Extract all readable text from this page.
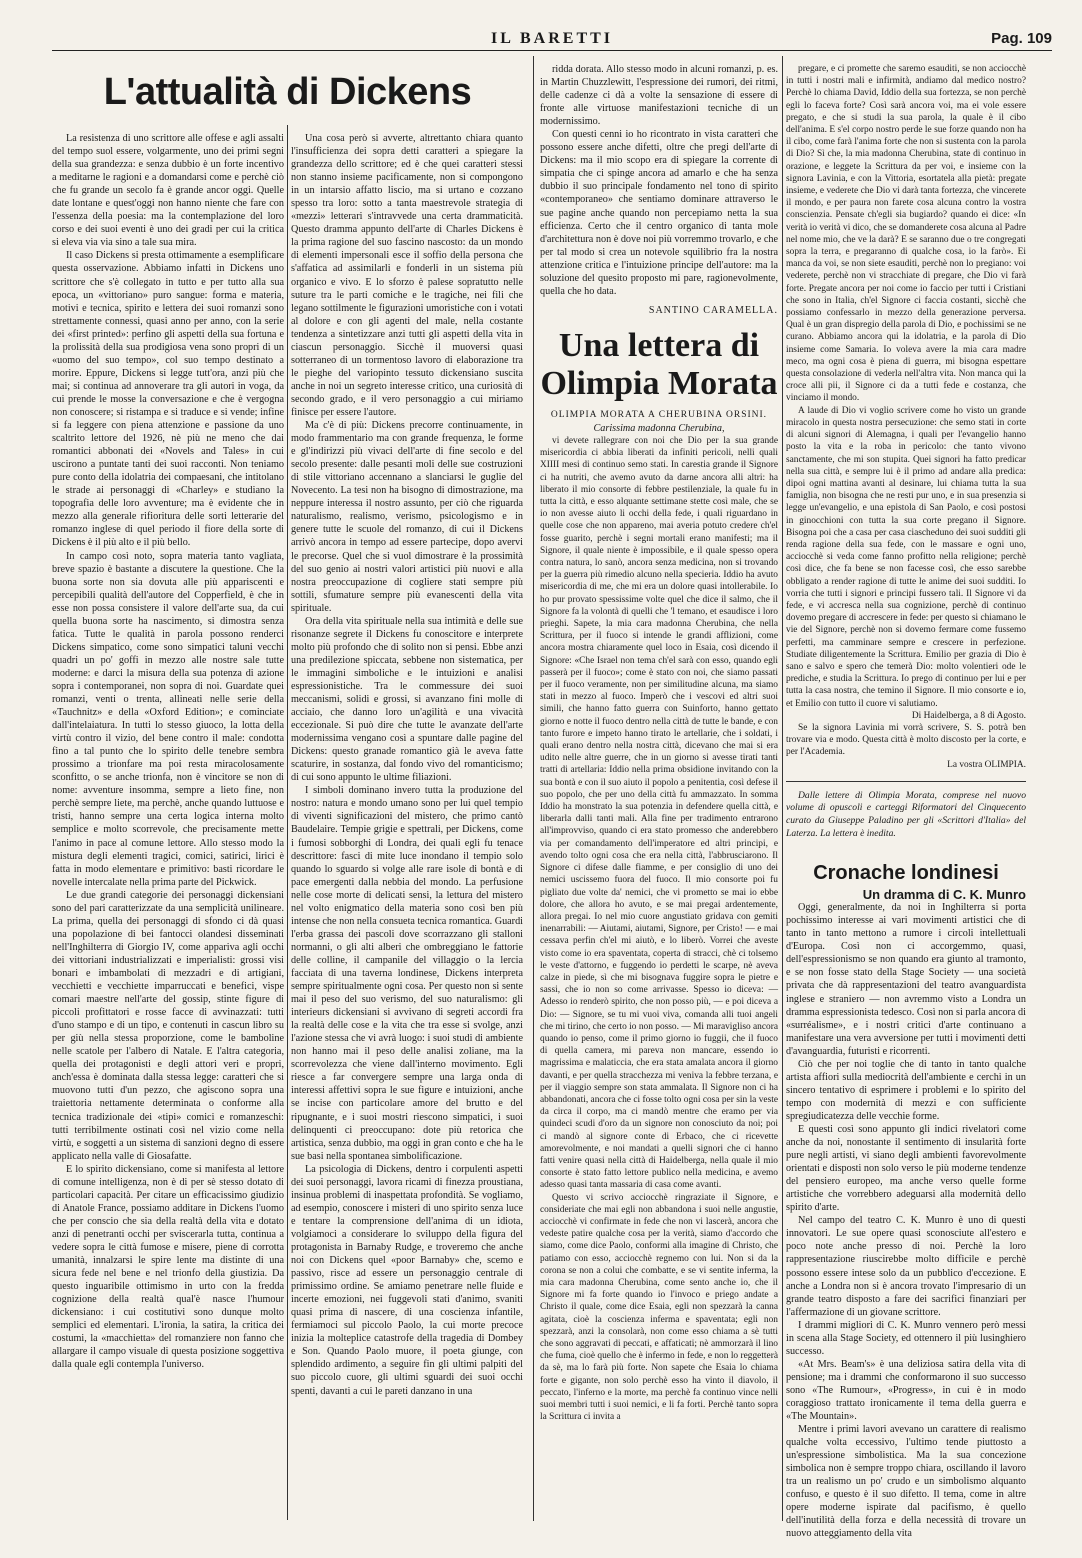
IL BARETTI	Pag. 109
L'attualità di Dickens

La resistenza di uno scrittore alle offese e agli assalti del tempo suol essere, volgarmente, uno dei primi segni della sua grandezza: e senza dubbio è un forte incentivo a meditarne le ragioni e a domandarsi come e perchè ciò che fu grande un secolo fa è grande ancor oggi. Quelle date lontane e quest'oggi non hanno niente che fare con l'essenza della poesia: ma la contemplazione del loro corso e dei suoi eventi è uno dei gradi per cui la critica si eleva via via sino a tale sua mira.

Il caso Dickens si presta ottimamente a esemplificare questa osservazione. Abbiamo infatti in Dickens uno scrittore che s'è collegato in tutto e per tutto alla sua epoca, un «vittoriano» puro sangue: forma e materia, motivi e tecnica, spirito e lettera dei suoi romanzi sono strettamente connessi, quasi anno per anno, con la serie dei «first printed»: perfino gli aspetti della sua fortuna e la prolissità della sua prodigiosa vena sono propri di un «uomo del suo tempo», col suo tempo destinato a morire. Eppure, Dickens si legge tutt'ora, anzi più che mai; si continua ad annoverare tra gli autori in voga, da cui prende le mosse la conversazione e che è vergogna non conoscere; si ristampa e si traduce e si vende; infine si fa leggere con piena attenzione e passione da uno scaltrito lettore del 1926, nè più ne meno che dai romantici abbonati dei «Novels and Tales» in cui uscirono a puntate tanti dei suoi racconti. Non teniamo pure conto della idolatria dei compaesani, che intitolano le strade ai personaggi di «Charley» e studiano la topografia delle loro avventure; ma è evidente che in mezzo alla generale rifioritura delle sorti letterarie del romanzo inglese di quel periodo il fiore della sorte di Dickens è il più alto e il più bello.

In campo così noto, sopra materia tanto vagliata, breve spazio è bastante a discutere la questione. Che la buona sorte non sia dovuta alle più appariscenti e percepibili qualità dell'autore del Copperfield, è che in esse non possa consistere il valore dell'arte sua, da cui quella buona sorte ha nascimento, si dimostra senza fatica. Tutte le qualità in parola possono renderci Dickens simpatico, come sono simpatici taluni vecchi quadri un po' goffi in mezzo alle nostre sale tutte moderne: e darci la misura della sua potenza di azione sopra i contemporanei, non sopra di noi. Guardate quei romanzi, venti o trenta, allineati nelle serie della «Tauchnitz» e della «Oxford Edition»; e cominciate dall'intelaiatura. In tutti lo stesso giuoco, la lotta della virtù contro il vizio, del bene contro il male: condotta fino a tal punto che lo spirito delle tenebre sembra prossimo a trionfare ma poi resta miracolosamente sconfitto, o se anche trionfa, non è vincitore se non di nome: avventure insomma, sempre a lieto fine, non perchè sempre liete, ma perchè, anche quando luttuose e tristi, hanno sempre una certa logica interna molto semplice e molto scorrevole, che precisamente mette l'animo in pace al comune lettore. Allo stesso modo la mistura degli elementi tragici, comici, satirici, lirici è fatta in modo elementare e primitivo: basti ricordare le novelle intercalate nella prima parte del Pickwick.

Le due grandi categorie dei personaggi dickensiani sono del pari caratterizzate da una semplicità unilineare. La prima, quella dei personaggi di sfondo ci dà quasi una popolazione di bei fantocci olandesi disseminati nell'Inghilterra di Giorgio IV, come appariva agli occhi dei vittoriani industrializzati e imperialisti: grossi visi bonari e imbambolati di mezzadri e di artigiani, vecchietti e vecchiette imparruccati e benefici, vispe comari maestre nell'arte del gossip, stinte figure di piccoli profittatori e rosse facce di avvinazzati: tutti d'uno stampo e di un tipo, e contenuti in cascun libro su per giù nella stessa proporzione, come le bamboline nelle scatole per l'albero di Natale. E l'altra categoria, quella dei protagonisti e degli attori veri e propri, anch'essa è dominata dalla stessa legge: caratteri che si muovono tutti d'un pezzo, che agiscono sopra una traiettoria nettamente determinata o conforme alla tecnica tradizionale dei «tipi» comici e romanzeschi: tutti terribilmente ostinati così nel vizio come nella virtù, e soggetti a un sistema di sanzioni degno di essere applicato nella valle di Giosafatte.

E lo spirito dickensiano, come si manifesta al lettore di comune intelligenza, non è di per sè stesso dotato di particolari capacità. Per citare un efficacissimo giudizio di Anatole France, possiamo additare in Dickens l'uomo che per conscio che sia della realtà della vita e dotato anzi di penetranti occhi per sviscerarla tutta, continua a vedere sopra le città fumose e misere, piene di corrotta umanità, innalzarsi le spire lente ma distinte di una sicura fede nel bene e nel trionfo della giustizia. Da questo inguaribile ottimismo in urto con la fredda cognizione della realtà qual'è nasce l'humour dickensiano: i cui costitutivi sono dunque molto semplici ed elementari. L'ironia, la satira, la critica dei costumi, la «macchietta» del romanziere non fanno che allargare il campo visuale di questa posizione soggettiva dalla quale egli contempla l'universo.

Una cosa però si avverte, altrettanto chiara quanto l'insufficienza dei sopra detti caratteri a spiegare la grandezza dello scrittore; ed è che quei caratteri stessi non stanno insieme pacificamente, non si compongono in un intarsio affatto liscio, ma si urtano e cozzano spesso tra loro: sotto a tanta maestrevole strategia di «mezzi» letterari s'intravvede una certa drammaticità. Questo dramma appunto dell'arte di Charles Dickens è la prima ragione del suo fascino nascosto: da un mondo di elementi impersonali esce il soffio della persona che s'affatica ad assimilarli e fonderli in un sistema più organico e vivo. E lo sforzo è palese sopratutto nelle suture tra le parti comiche e le tragiche, nei fili che legano sottilmente le figurazioni umoristiche con i votati al dolore e con gli agenti del male, nella costante tendenza a sintetizzare anzi tutti gli aspetti della vita in ciascun personaggio. Sicchè il muoversi quasi sotterraneo di un tormentoso lavoro di elaborazione tra le pieghe del variopinto tessuto dickensiano suscita anche in noi un segreto interesse critico, una curiosità di secondo grado, e il vero personaggio a cui miriamo finisce per essere l'autore.

Ma c'è di più: Dickens precorre continuamente, in modo frammentario ma con grande frequenza, le forme e gl'indirizzi più vivaci dell'arte di fine secolo e del secolo presente: dalle pesanti moli delle sue costruzioni di stile vittoriano accennano a slanciarsi le guglie del Novecento. La tesi non ha bisogno di dimostrazione, ma neppure interessa il nostro assunto, per ciò che riguarda naturalismo, realismo, verismo, psicologismo e in genere tutte le scuole del romanzo, di cui il Dickens arrivò ancora in tempo ad essere partecipe, dopo avervi le precorse. Quel che si vuol dimostrare è la prossimità del suo genio ai nostri valori artistici più nuovi e alla nostra preoccupazione di cogliere stati sempre più sottili, sfumature sempre più evanescenti della vita spirituale.

Ora della vita spirituale nella sua intimità e delle sue risonanze segrete il Dickens fu conoscitore e interprete molto più profondo che di solito non si pensi. Ebbe anzi una predilezione spiccata, sebbene non sistematica, per le immagini simboliche e le intuizioni e analisi espressionistiche. Tra le commessure dei suoi meccanismi, solidi e grossi, si avanzano fini molle di acciaio, che danno loro un'agilità e una vivacità eccezionale. Si può dire che tutte le avanzate dell'arte modernissima vengano così a spuntare dalle pagine del Dickens: questo granade romantico già le aveva fatte scaturire, in sostanza, dal fondo vivo del romanticismo; di cui sono appunto le ultime filiazioni.

I simboli dominano invero tutta la produzione del nostro: natura e mondo umano sono per lui quel tempio di viventi significazioni del mistero, che primo cantò Baudelaire. Tempie grigie e spettrali, per Dickens, come i fumosi sobborghi di Londra, dei quali egli fu tenace descrittore: fasci di mite luce inondano il tempio solo quando lo sguardo si volge alle rare isole di bontà e di pace emergenti dalla nebbia del mondo. La perfusione nelle cose morte di delicati sensi, la lettura del mistero nel volto enigmatico della materia sono così ben più intense che non nella consueta tecnica romantica. Guardi l'erba grassa dei pascoli dove scorrazzano gli stalloni normanni, o gli alti alberi che ombreggiano le fattorie delle colline, il campanile del villaggio o la lercia facciata di una taverna londinese, Dickens interpreta sempre spiritualmente ogni cosa. Per questo non si sente mai il peso del suo verismo, del suo naturalismo: gli interieurs dickensiani si avvivano di segreti accordi fra la realtà delle cose e la vita che tra esse si svolge, anzi l'azione stessa che vi avrà luogo: i suoi studi di ambiente non hanno mai il peso delle analisi zoliane, ma la scorrevolezza che viene dall'interno movimento. Egli riesce a far convergere sempre una larga onda di interessi affettivi sopra le sue figure e intuizioni, anche se incise con particolare amore del brutto e del ripugnante, e i suoi mostri riescono simpatici, i suoi delinquenti ci preoccupano: dote più retorica che artistica, senza dubbio, ma oggi in gran conto e che ha le sue basi nella spontanea simbolificazione.

La psicologia di Dickens, dentro i corpulenti aspetti dei suoi personaggi, lavora ricami di finezza proustiana, insinua problemi di inaspettata profondità. Se vogliamo, ad esempio, conoscere i misteri di uno spirito senza luce e tentare la comprensione dell'anima di un idiota, volgiamoci a considerare lo sviluppo della figura del protagonista in Barnaby Rudge, e troveremo che anche noi con Dickens quel «poor Barnaby» che, scemo e passivo, risce ad essere un personaggio centrale di primissimo ordine. Se amiamo penetrare nelle fluide e incerte emozioni, nei fuggevoli stati d'animo, svaniti quasi prima di nascere, di una coscienza infantile, fermiamoci sul piccolo Paolo, la cui morte precoce inizia la molteplice catastrofe della tragedia di Dombey e Son. Quando Paolo muore, il poeta giunge, con splendido ardimento, a seguire fin gli ultimi palpiti del suo piccolo cuore, gli ultimi sguardi dei suoi occhi spenti, davanti a cui le pareti danzano in una

ridda dorata. Allo stesso modo in alcuni romanzi, p. es. in Martin Chuzzlewitt, l'espressione dei rumori, dei ritmi, delle cadenze ci dà a volte la sensazione di essere di fronte alle virtuose manifestazioni tecniche di un modernissimo.

Con questi cenni io ho ricontrato in vista caratteri che possono essere anche difetti, oltre che pregi dell'arte di Dickens: ma il mio scopo era di spiegare la corrente di simpatia che ci spinge ancora ad amarlo e che ha senza dubbio il suo principale fondamento nel tono di spirito «contemporaneo» che sentiamo dominare attraverso le sue pagine anche quando non percepiamo netta la sua efficienza. Certo che il centro organico di tanta mole d'architettura non è dove noi più vorremmo trovarlo, e che per tal modo si crea un notevole squilibrio fra la nostra attenzione critica e l'intuizione principe dell'autore: ma la soluzione del quesito proposto mi pare, ragionevolmente, quella che ho data.

SANTINO CARAMELLA.

Una lettera di Olimpia Morata

OLIMPIA MORATA A CHERUBINA ORSINI.

Carissima madonna Cherubina,

vi devete rallegrare con noi che Dio per la sua grande misericordia ci abbia liberati da infiniti pericoli, nelli quali XIIII mesi di continuo semo stati. In carestia grande il Signore ci ha nutriti, che avemo avuto da darne ancora alli altri: ha liberato il mio consorte di febbre pestilenziale, la quale fu in tutta la città, e esso alquante settimane stette così male, che se io non avesse aiuto li occhi della fede, i quali riguardano in quelle cose che non appareno, mai averia potuto credere ch'el fosse guarito, perchè i segni mortali erano manifesti; ma il Signore, il quale niente è impossibile, e il quale spesso opera contra natura, lo sanò, ancora senza medicina, non si trovando per la guerra più rimedio alcuno nella specieria. Iddio ha avuto misericordia di me, che mi era un dolore quasi intollerabile. Io ho pur provato spessissime volte quel che dice il salmo, che il Signore fa la volontà di quelli che 'l temano, et esaudisce i loro prieghi. Sapete, la mia cara madonna Cherubina, che nella Scrittura, per il fuoco si intende le grandi afflizioni, come ancora mostra chiaramente quel loco in Esaia, così dicendo il Signore: «Che Israel non tema ch'el sarà con esso, quando egli passerà per il fuoco»; come è stato con noi, che siamo passati per il fuoco veramente, non per similitudine alcuna, ma siamo stati in mezzo al fuoco. Imperò che i vescovi ed altri suoi simili, che hanno fatto guerra con Suinforto, hanno gettato giorno e notte il fuoco dentro nella città de tutte le bande, e con tanto furore e impeto hanno tirato le artellarie, che i soldati, i quali erano dentro nella nostra città, dicevano che mai si era udito nelle altre guerre, che in un giorno si avesse tirati tanti tratti di artellaria: Iddio nella prima obsidione invitando con la sua bontà e con il suo aiuto il popolo a penitentia, così defese il suo popolo, che per uno della città fu ammazzato. In somma Iddio ha monstrato la sua potenzia in defendere quella città, e liberarla dalli tanti mali. Alla fine per tradimento entrarono all'improvviso, quando ci era stato promesso che anderebbero via per comandamento dell'imperatore ed altri principi, e avendo tolto ogni cosa che era nella città, l'abbrusciarono. Il Signore ci difese dalle fiamme, e per consiglio di uno dei nemici uscissemo fuora del fuoco. Il mio consorte poi fu pigliato due volte da' nemici, che vi prometto se mai io ebbe dolore, che allora ho avuto, e se mai pregai ardentemente, allora pregai. Io nel mio cuore angustiato gridava con gemiti inenarrabili: — Aiutami, aiutami, Signore, per Cristo! — e mai cessava perfin ch'el mi aiutò, e lo liberò. Vorrei che aveste visto come io era spaventata, coperta di stracci, chè ci tolsemo le veste d'attorno, e fuggendo io perdetti le scarpe, nè aveva calze in piede, sì che mi bisognava fuggire sopra le pietre e sassi, che io non so come arrivasse. Spesso io diceva: — Adesso io renderò spirito, che non posso più, — e poi diceva a Dio: — Signore, se tu mi vuoi viva, comanda alli tuoi angeli che mi tirino, che certo io non posso. — Mi maravigliso ancora quando io penso, come il primo giorno io fuggii, che il fuoco di quella camera, mi pareva non mancare, essendo io magrissima e malaticcia, che era stata amalata ancora il giorno davanti, e per quella stracchezza mi veniva la febbre terzana, e per il viaggio sempre son stata ammalata. Il Signore non ci ha abbandonati, ancora che ci fosse tolto ogni cosa per sin la veste da circa il corpo, ma ci mandò mentre che eramo per via quindeci scudi d'oro da un signore non conosciuto da noi; poi ci mandò al signore conte di Erbaco, che ci ricevette amorevolmente, e noi mandati a quelli signori che ci hanno fatti venire quasi nella città di Haidelberga, nella quale il mio consorte è stato fatto lettore publico nella medicina, e avemo adesso quasi tanta massaria di casa come avanti.

Questo vi scrivo acciocchè ringraziate il Signore, e consideriate che mai egli non abbandona i suoi nelle angustie, acciocchè vi confirmate in fede che non vi lascerà, ancora che vedeste patire qualche cosa per la verità, siamo d'accordo che siamo, come dice Paolo, conformi alla imagine di Christo, che patiamo con esso, acciocchè regnemo con lui. Non si da la corona se non a colui che combatte, e se vi sentite inferma, la mia cara madonna Cherubina, come sento anche io, che il Signore mi fa forte quando io l'invoco e priego andate a Christo il quale, come dice Esaia, egli non spezzarà la canna agitata, cioè la coscienza inferma e spaventata; egli non spezzarà, anzi la consolarà, non come esso chiama a sè tutti che sono aggravati di peccati, e affaticati; nè ammorzarà il lino che fuma, cioè quello che è infermo in fede, e non lo reggetterà da sè, ma lo farà più forte. Non sapete che Esaia lo chiama forte e gigante, non solo perchè esso ha vinto il diavolo, il peccato, l'inferno e la morte, ma perchè fa continuo vince nelli suoi membri tutti i suoi nemici, e li fa forti. Perchè tanto sopra la Scrittura ci invita a

pregare, e ci promette che saremo esauditi, se non acciocchè in tutti i nostri mali e infirmità, andiamo dal medico nostro? Perchè lo chiama David, Iddio della sua fortezza, se non perchè egli lo faceva forte? Così sarà ancora voi, ma ei vole essere pregato, e che si studi la sua parola, la quale è il cibo dell'anima. E s'el corpo nostro perde le sue forze quando non ha il cibo, come farà l'anima forte che non si sustenta con la parola di Dio? Sì che, la mia madonna Cherubina, state di continuo in orazione, e leggete la Scrittura da per voi, e insieme con la signora Lavinia, e con la Vittoria, esortatela alla pietà: pregate insieme, e vederete che Dio vi darà tanta fortezza, che vincerete il mondo, e per paura non farete cosa alcuna contro la vostra conscienzia. Pensate ch'egli sia bugiardo? quando ei dice: «In verità io verità vi dico, che se domanderete cosa alcuna al Padre nel nome mio, che ve la darà? E se saranno due o tre congregati sopra la terra, e pregaranno di qualche cosa, io la farò». Ei manca da voi, se non siete esauditi, perchè non lo pregiano: voi vederete, perchè non vi stracchiate di pregare, che Dio vi farà forte. Pregate ancora per noi come io faccio per tutti i Cristiani che sono in Italia, ch'el Signore ci faccia costanti, sicchè che possiamo confessarlo in mezzo della generazione perversa. Qual è un gran dispregio della parola di Dio, e pochissimi se ne curano. Abbiamo ancora qui la idolatria, e la parola di Dio insieme come Samaria. Io voleva avere la mia cara madre meco, ma ogni cosa è piena di guerra, mi bisogna espettare questa consolazione di vederla nell'altra vita. Non manca qui la croce alli pii, il Signore ci da a tutti fede e costanza, che vinciamo il mondo.

A laude di Dio vi voglio scrivere come ho visto un grande miracolo in questa nostra persecuzione: che semo stati in corte di alcuni signori di Alemagna, i quali per l'evangelio hanno posto la vita e la roba in pericolo: che tanto vivono sanctamente, che mi son stupita. Quei signori ha fatto predicar nella sua città, e sempre lui è il primo ad andare alla predica: dipoi ogni mattina avanti al desinare, lui chiama tutta la sua famiglia, non bisogna che ne resti pur uno, e in sua presenzia si legge un'evangelio, e una epistola di San Paolo, e così postosi in ginocchioni con tutta la sua corte pregano il Signore. Bisogna poi che a casa per casa ciascheduno dei suoi sudditi gli renda ragione della sua fede, con le massare e ogni uno, acciocchè si veda come fanno profitto nella religione; perchè così dice, che fa bene se non facesse così, che esso sarebbe obbligato a render ragione di tutte le anime dei suoi sudditi. Io vorria che tutti i signori e principi fussero tali. Il Signore vi da fede, e vi accresca nella sua cognizione, perchè di continuo dovemo pregare di accrescere in fede: per questo si chiamano le vie del Signore, perchè non si dovemo fermare come fussemo perfetti, ma camminare sempre e crescere in perfezione. Studiate diligentemente la Scrittura. Emilio per grazia di Dio è sano e salvo e spero che temerà Dio: molto volentieri ode le prediche, e studia la Scrittura. Io prego di continuo per lui e per tutta la casa nostra, che temino il Signore. Il mio consorte e io, et Emilio con tutto il cuore vi salutiamo.

Di Haidelberga, a 8 di Agosto.

Se la signora Lavinia mi vorrà scrivere, S. S. potrà ben trovare via e modo. Questa città è molto discosto per la corte, e per l'Academia.

La vostra OLIMPIA.

Dalle lettere di Olimpia Morata, comprese nel nuovo volume di opuscoli e carteggi Riformatori del Cinquecento curato da Giuseppe Paladino per gli «Scrittori d'Italia» del Laterza. La lettera è inedita.

Cronache londinesi

Un dramma di C. K. Munro

Oggi, generalmente, da noi in Inghilterra si porta pochissimo interesse ai vari movimenti artistici che di tanto in tanto mettono a rumore i circoli intellettuali d'Europa. Così non ci accorgemmo, quasi, dell'espressionismo se non quando era giunto al tramonto, e se non fosse stato della Stage Society — una società privata che dà rappresentazioni del teatro avanguardista inglese e straniero — non avremmo visto a Londra un dramma espressionista tedesco. Così non si parla ancora di «surréalisme», e i nostri critici d'arte continuano a manifestare una vera avversione per tutti i movimenti detti d'avanguardia, futuristi e ricorrenti.

Ciò che per noi toglie che di tanto in tanto qualche artista affiori sulla mediocrità dell'ambiente e cerchi in un sincero tentativo di esprimere i problemi e lo spirito del tempo con modernità di mezzi e con sufficiente spregiudicatezza delle vecchie forme.

E questi così sono appunto gli indici rivelatori come anche da noi, nonostante il sentimento di insularità forte pure negli artisti, vi siano degli ambienti favorevolmente orientati e disposti non solo verso le più moderne tendenze del pensiero europeo, ma anche verso quelle forme artistiche che vorrebbero adeguarsi alla modernità dello spirito d'arte.

Nel campo del teatro C. K. Munro è uno di questi innovatori. Le sue opere quasi sconosciute all'estero e poco note anche presso di noi. Perchè la loro rappresentazione riuscirebbe molto difficile e perchè possono essere intese solo da un pubblico d'eccezione. E anche a Londra non si è ancora trovato l'impresario di un grande teatro disposto a fare dei sacrifici finanziari per l'affermazione di un giovane scrittore.

I drammi migliori di C. K. Munro vennero però messi in scena alla Stage Society, ed ottennero il più lusinghiero successo.

«At Mrs. Beam's» è una deliziosa satira della vita di pensione; ma i drammi che conformarono il suo successo sono «The Rumour», «Progress», in cui è in modo coraggioso trattato ironicamente il tema della guerra e «The Mountain».

Mentre i primi lavori avevano un carattere di realismo qualche volta eccessivo, l'ultimo tende piuttosto a un'espressione simbolistica. Ma la sua concezione simbolica non è sempre troppo chiara, oscillando il lavoro tra un realismo un po' crudo e un simbolismo alquanto confuso, e questo è il suo difetto. Il tema, come in altre opere moderne ispirate dal pacifismo, è quello dell'inutilità della forza e della necessità di trovare un nuovo atteggiamento della vita
